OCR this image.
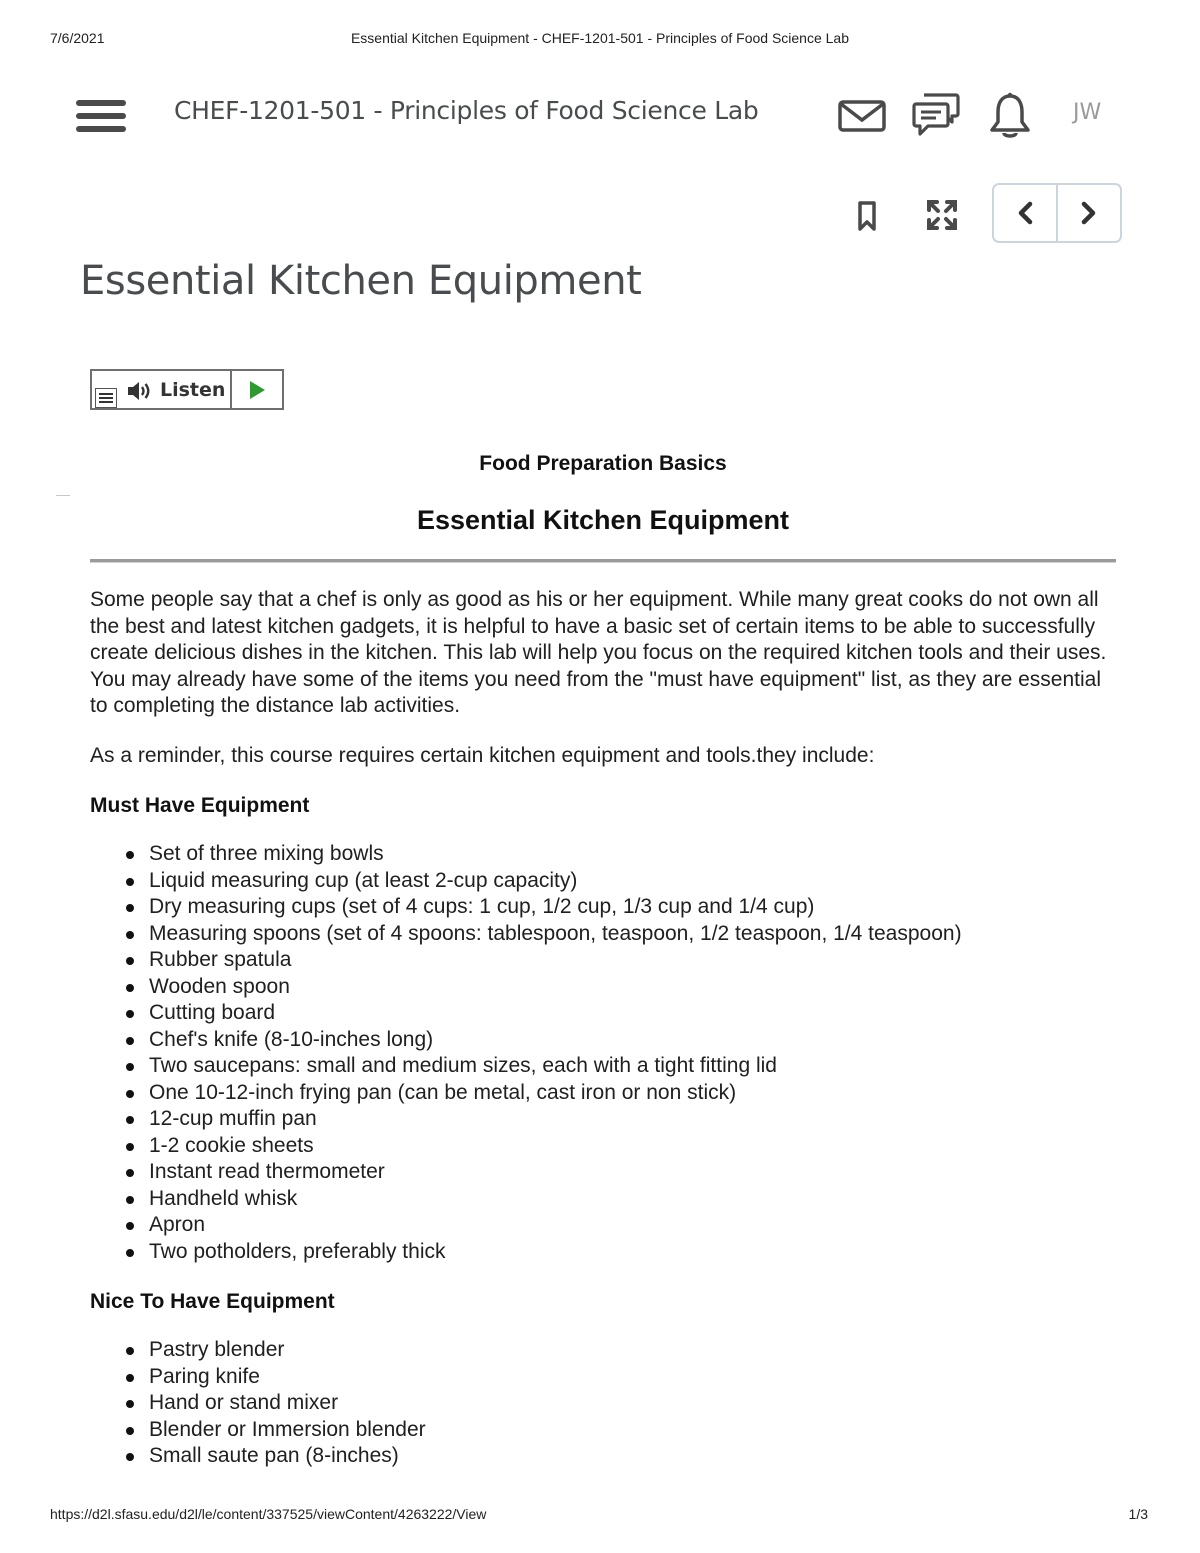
7/6/2021	Essential Kitchen Equipment - CHEF-1201-501 - Principles of Food Science Lab
CHEF-1201-501 - Principles of Food Science Lab	JW
Essential Kitchen Equipment
Listen

Food Preparation Basics

Essential Kitchen Equipment

Some people say that a chef is only as good as his or her equipment. While many great cooks do not own all the best and latest kitchen gadgets, it is helpful to have a basic set of certain items to be able to successfully create delicious dishes in the kitchen. This lab will help you focus on the required kitchen tools and their uses. You may already have some of the items you need from the "must have equipment" list, as they are essential to completing the distance lab activities.

As a reminder, this course requires certain kitchen equipment and tools.they include:

Must Have Equipment
Set of three mixing bowls
Liquid measuring cup (at least 2-cup capacity)
Dry measuring cups (set of 4 cups: 1 cup, 1/2 cup, 1/3 cup and 1/4 cup)
Measuring spoons (set of 4 spoons: tablespoon, teaspoon, 1/2 teaspoon, 1/4 teaspoon)
Rubber spatula
Wooden spoon
Cutting board
Chef's knife (8-10-inches long)
Two saucepans: small and medium sizes, each with a tight fitting lid
One 10-12-inch frying pan (can be metal, cast iron or non stick)
12-cup muffin pan
1-2 cookie sheets
Instant read thermometer
Handheld whisk
Apron
Two potholders, preferably thick
Nice To Have Equipment
Pastry blender
Paring knife
Hand or stand mixer
Blender or Immersion blender
Small saute pan (8-inches)
https://d2l.sfasu.edu/d2l/le/content/337525/viewContent/4263222/View	1/3
